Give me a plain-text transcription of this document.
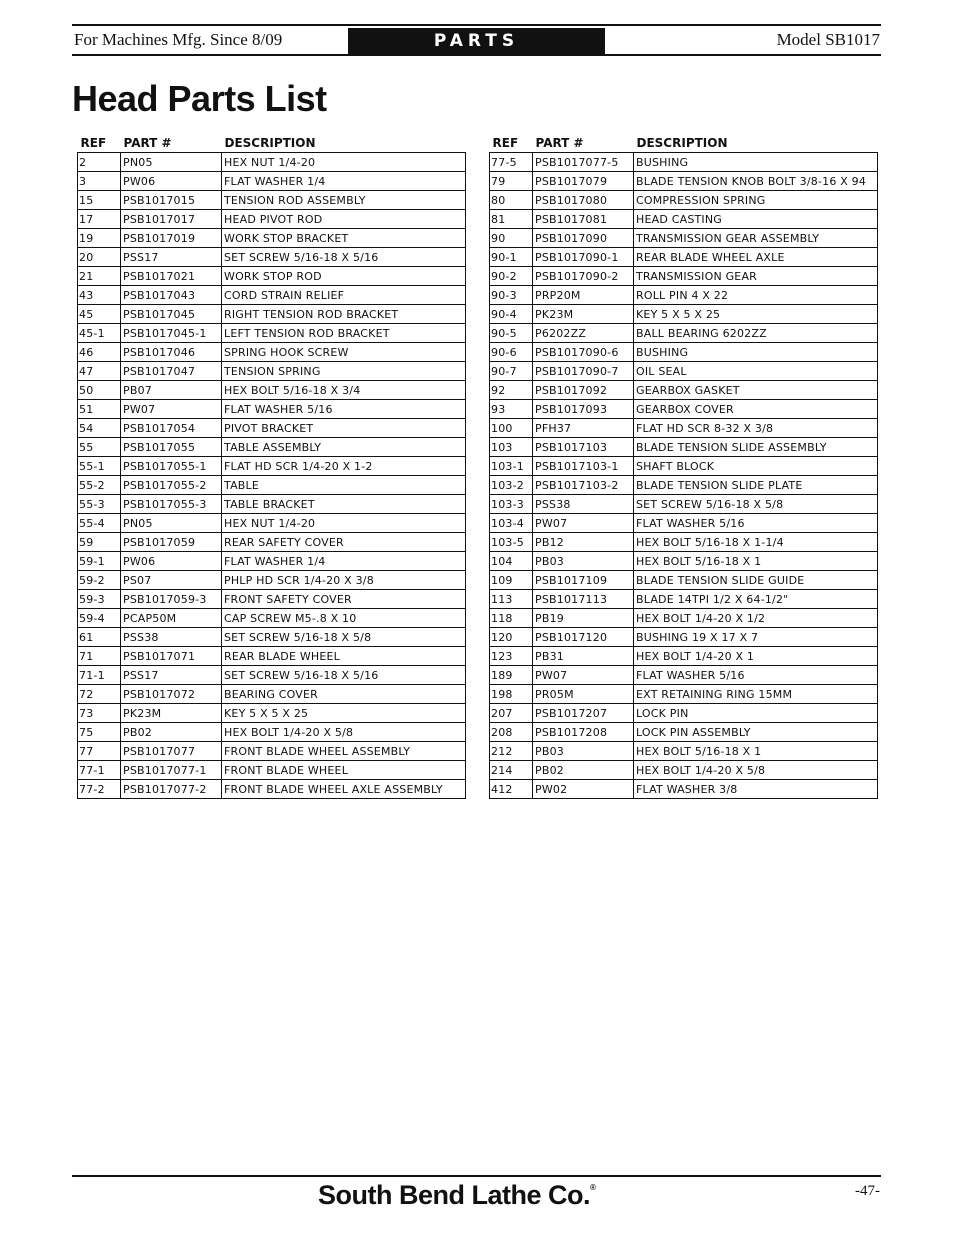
For Machines Mfg. Since 8/09	PARTS	Model SB1017
Head Parts List
REF	PART #	DESCRIPTION
2	PN05	HEX NUT 1/4-20
3	PW06	FLAT WASHER 1/4
15	PSB1017015	TENSION ROD ASSEMBLY
17	PSB1017017	HEAD PIVOT ROD
19	PSB1017019	WORK STOP BRACKET
20	PSS17	SET SCREW 5/16-18 X 5/16
21	PSB1017021	WORK STOP ROD
43	PSB1017043	CORD STRAIN RELIEF
45	PSB1017045	RIGHT TENSION ROD BRACKET
45-1	PSB1017045-1	LEFT TENSION ROD BRACKET
46	PSB1017046	SPRING HOOK SCREW
47	PSB1017047	TENSION SPRING
50	PB07	HEX BOLT 5/16-18 X 3/4
51	PW07	FLAT WASHER 5/16
54	PSB1017054	PIVOT BRACKET
55	PSB1017055	TABLE ASSEMBLY
55-1	PSB1017055-1	FLAT HD SCR 1/4-20 X 1-2
55-2	PSB1017055-2	TABLE
55-3	PSB1017055-3	TABLE BRACKET
55-4	PN05	HEX NUT 1/4-20
59	PSB1017059	REAR SAFETY COVER
59-1	PW06	FLAT WASHER 1/4
59-2	PS07	PHLP HD SCR 1/4-20 X 3/8
59-3	PSB1017059-3	FRONT SAFETY COVER
59-4	PCAP50M	CAP SCREW M5-.8 X 10
61	PSS38	SET SCREW 5/16-18 X 5/8
71	PSB1017071	REAR BLADE WHEEL
71-1	PSS17	SET SCREW 5/16-18 X 5/16
72	PSB1017072	BEARING COVER
73	PK23M	KEY 5 X 5 X 25
75	PB02	HEX BOLT 1/4-20 X 5/8
77	PSB1017077	FRONT BLADE WHEEL ASSEMBLY
77-1	PSB1017077-1	FRONT BLADE WHEEL
77-2	PSB1017077-2	FRONT BLADE WHEEL AXLE ASSEMBLY
REF	PART #	DESCRIPTION
77-5	PSB1017077-5	BUSHING
79	PSB1017079	BLADE TENSION KNOB BOLT 3/8-16 X 94
80	PSB1017080	COMPRESSION SPRING
81	PSB1017081	HEAD CASTING
90	PSB1017090	TRANSMISSION GEAR ASSEMBLY
90-1	PSB1017090-1	REAR BLADE WHEEL AXLE
90-2	PSB1017090-2	TRANSMISSION GEAR
90-3	PRP20M	ROLL PIN 4 X 22
90-4	PK23M	KEY 5 X 5 X 25
90-5	P6202ZZ	BALL BEARING 6202ZZ
90-6	PSB1017090-6	BUSHING
90-7	PSB1017090-7	OIL SEAL
92	PSB1017092	GEARBOX GASKET
93	PSB1017093	GEARBOX COVER
100	PFH37	FLAT HD SCR 8-32 X 3/8
103	PSB1017103	BLADE TENSION SLIDE ASSEMBLY
103-1	PSB1017103-1	SHAFT BLOCK
103-2	PSB1017103-2	BLADE TENSION SLIDE PLATE
103-3	PSS38	SET SCREW 5/16-18 X 5/8
103-4	PW07	FLAT WASHER 5/16
103-5	PB12	HEX BOLT 5/16-18 X 1-1/4
104	PB03	HEX BOLT 5/16-18 X 1
109	PSB1017109	BLADE TENSION SLIDE GUIDE
113	PSB1017113	BLADE 14TPI 1/2 X 64-1/2"
118	PB19	HEX BOLT 1/4-20 X 1/2
120	PSB1017120	BUSHING 19 X 17 X 7
123	PB31	HEX BOLT 1/4-20 X 1
189	PW07	FLAT WASHER 5/16
198	PR05M	EXT RETAINING RING 15MM
207	PSB1017207	LOCK PIN
208	PSB1017208	LOCK PIN ASSEMBLY
212	PB03	HEX BOLT 5/16-18 X 1
214	PB02	HEX BOLT 1/4-20 X 5/8
412	PW02	FLAT WASHER 3/8
South Bend Lathe Co.®	-47-
